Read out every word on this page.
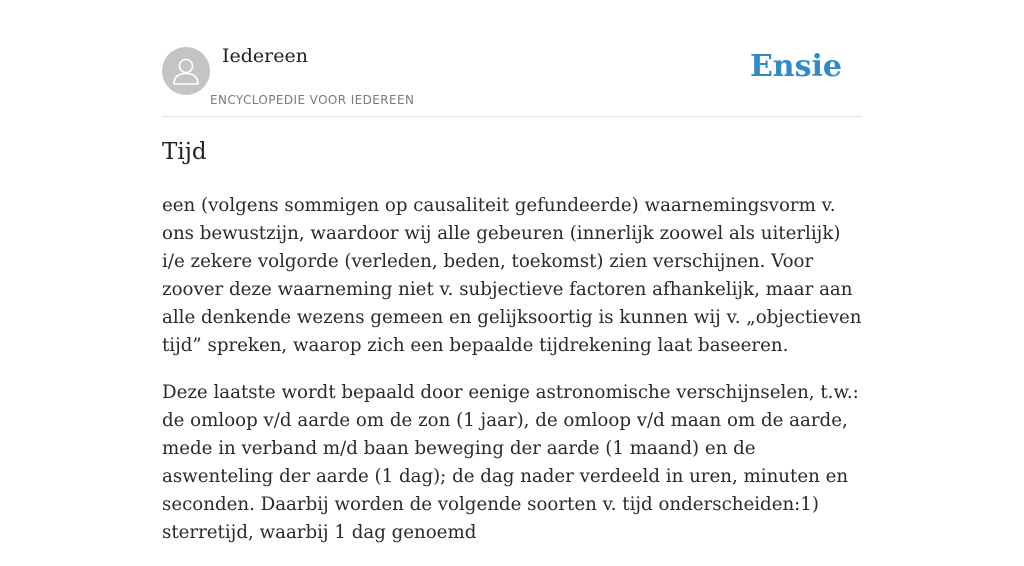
Iedereen
ENCYCLOPEDIE VOOR IEDEREEN
Ensie
Tijd

een (volgens sommigen op causaliteit gefundeerde) waarnemingsvorm v. ons bewustzijn, waardoor wij alle gebeuren (innerlijk zoowel als uiterlijk) i/e zekere volgorde (verleden, beden, toekomst) zien verschijnen. Voor zoover deze waarneming niet v. subjectieve factoren afhankelijk, maar aan alle denkende wezens gemeen en gelijksoortig is kunnen wij v. „objectieven tijd” spreken, waarop zich een bepaalde tijdrekening laat baseeren.

Deze laatste wordt bepaald door eenige astronomische verschijnselen, t.w.: de omloop v/d aarde om de zon (1 jaar), de omloop v/d maan om de aarde, mede in verband m/d baan beweging der aarde (1 maand) en de aswenteling der aarde (1 dag); de dag nader verdeeld in uren, minuten en seconden. Daarbij worden de volgende soorten v. tijd onderscheiden:1) sterretijd, waarbij 1 dag genoemd
